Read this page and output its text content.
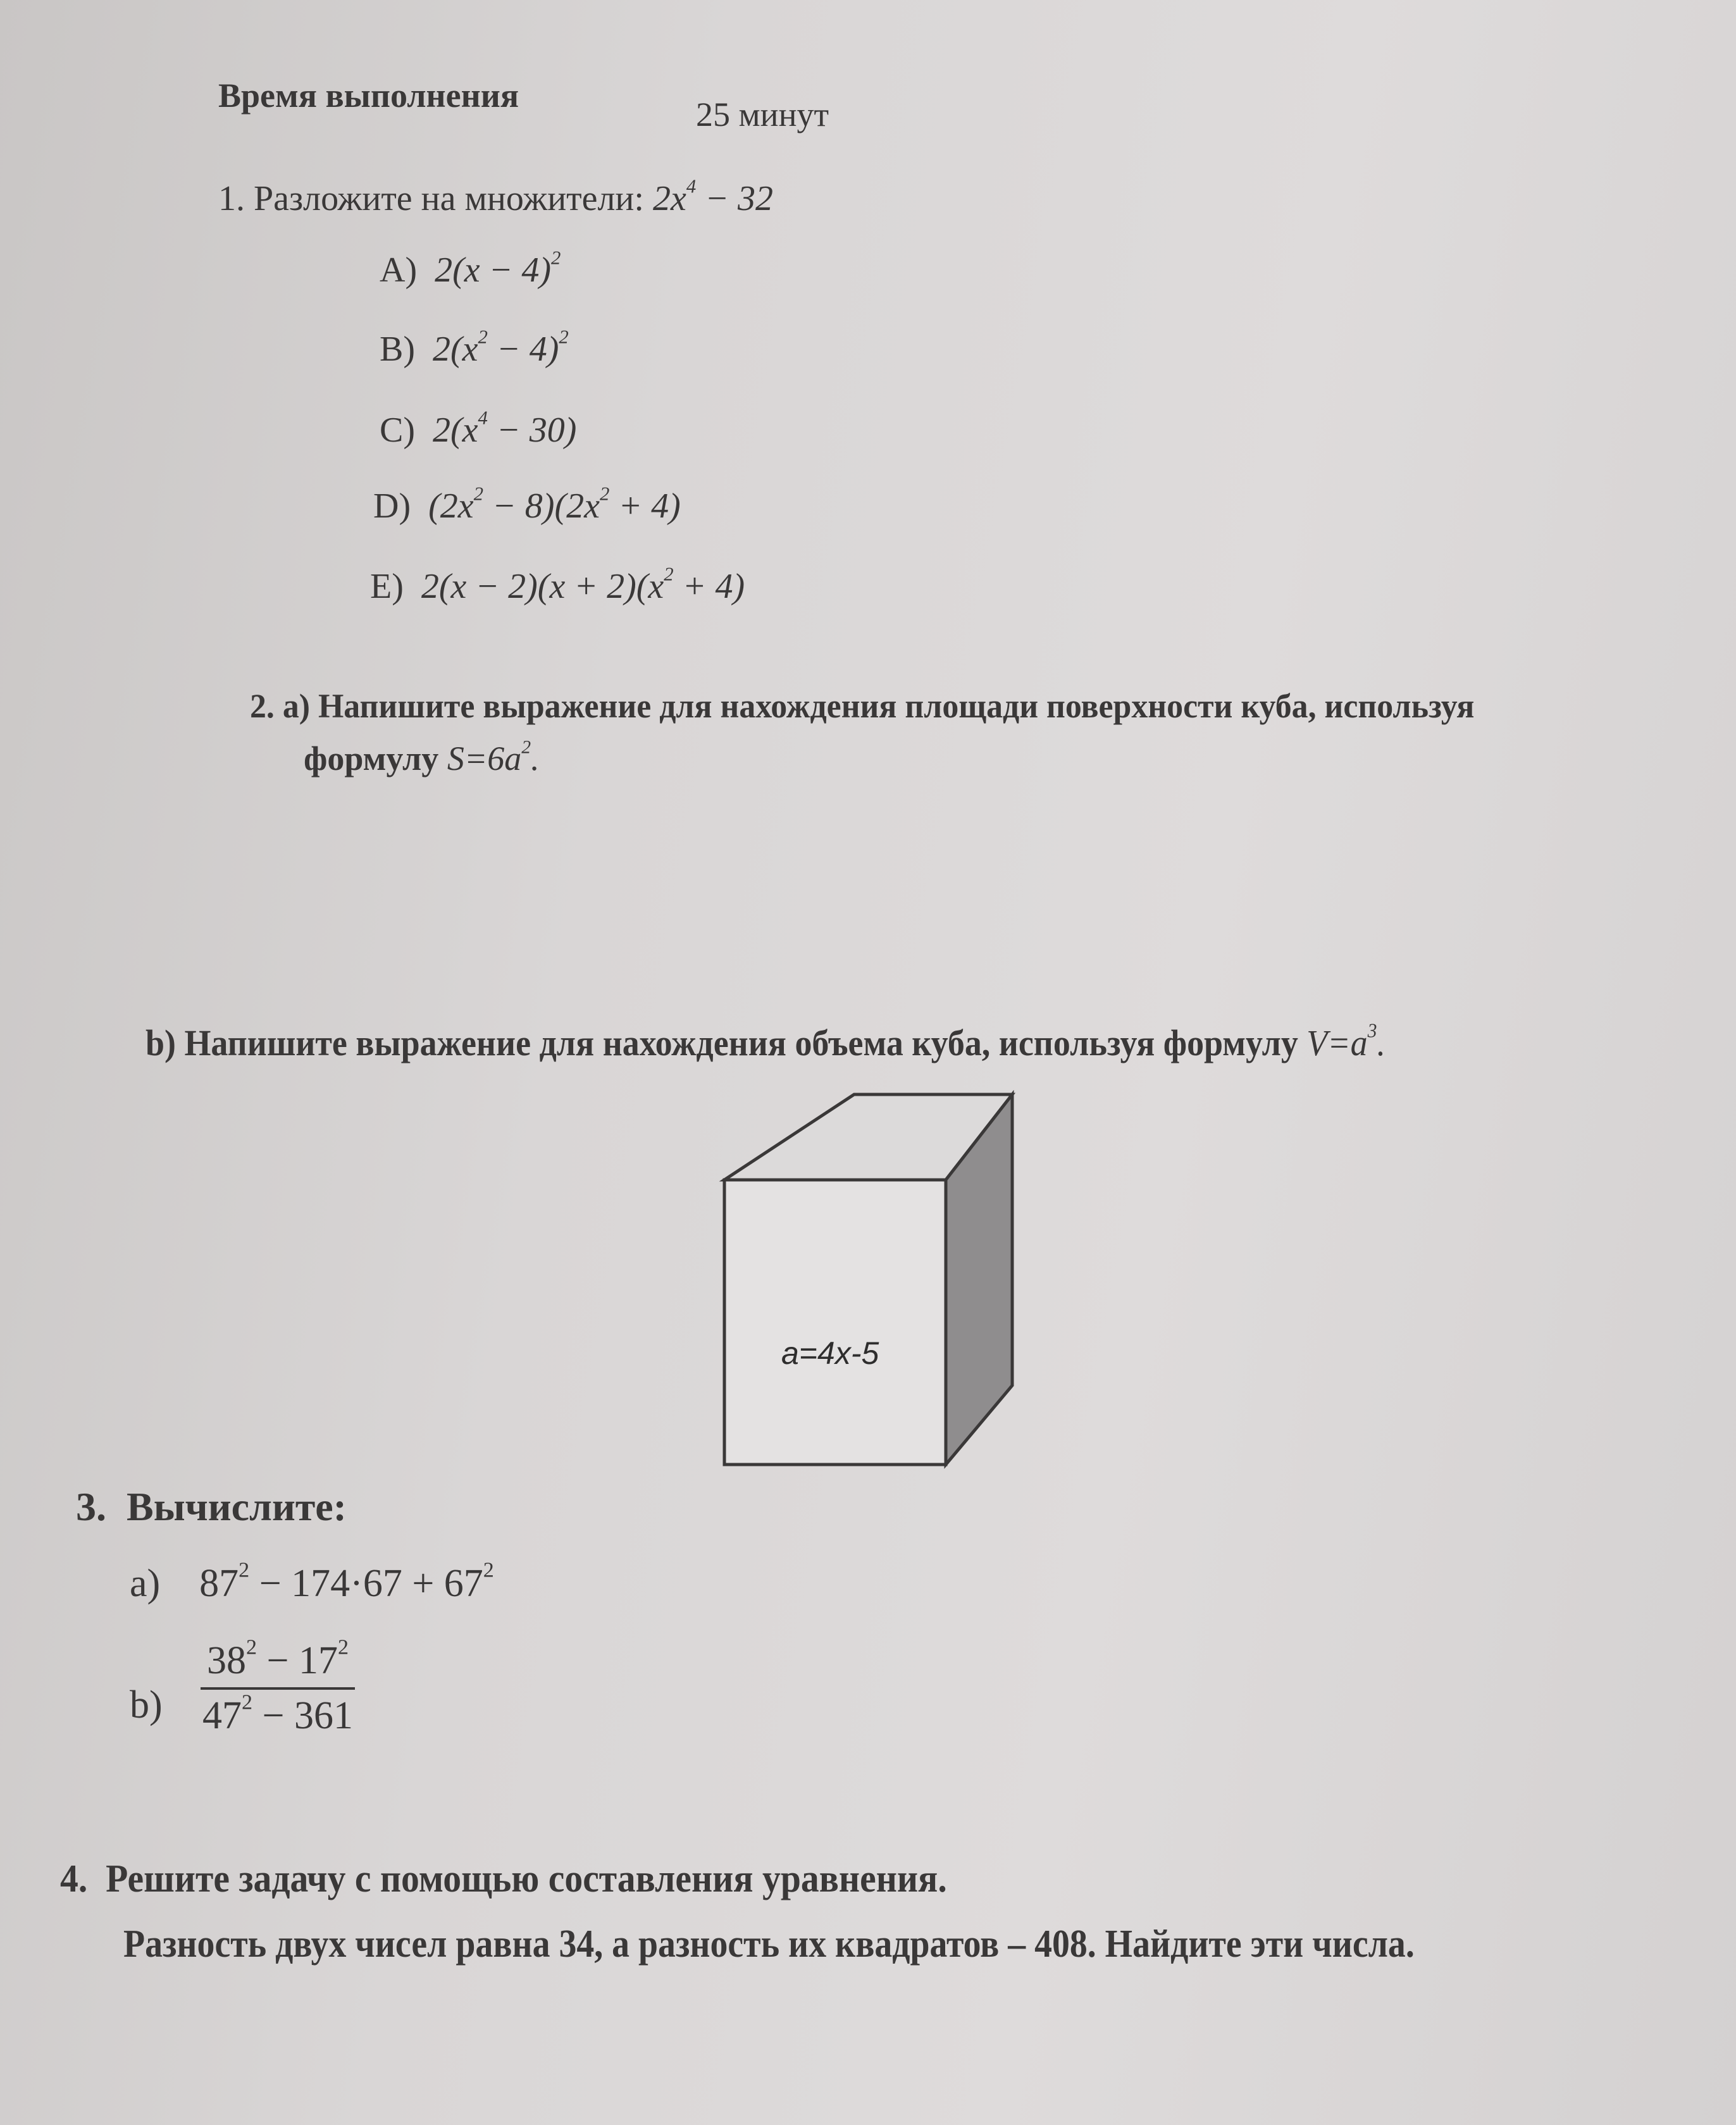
Время выполнения	25 минут
1. Разложите на множители: $2x^4 - 32$
A) $2(x - 4)^2$
B) $2(x^2 - 4)^2$
C) $2(x^4 - 30)$
D) $(2x^2 - 8)(2x^2 + 4)$
E) $2(x - 2)(x + 2)(x^2 + 4)$
2. a) Напишите выражение для нахождения площади поверхности куба, используя
формулу $S=6a^2$.
b) Напишите выражение для нахождения объема куба, используя формулу $V=a^3$.
a=4x-5
3. Вычислите:
a) $87^2 - 174\cdot 67 + 67^2$
$b) \frac{38^2 - 17^2}{47^2 - 361}$
4. Решите задачу с помощью составления уравнения.
Разность двух чисел равна 34, а разность их квадратов – 408. Найдите эти числа.
